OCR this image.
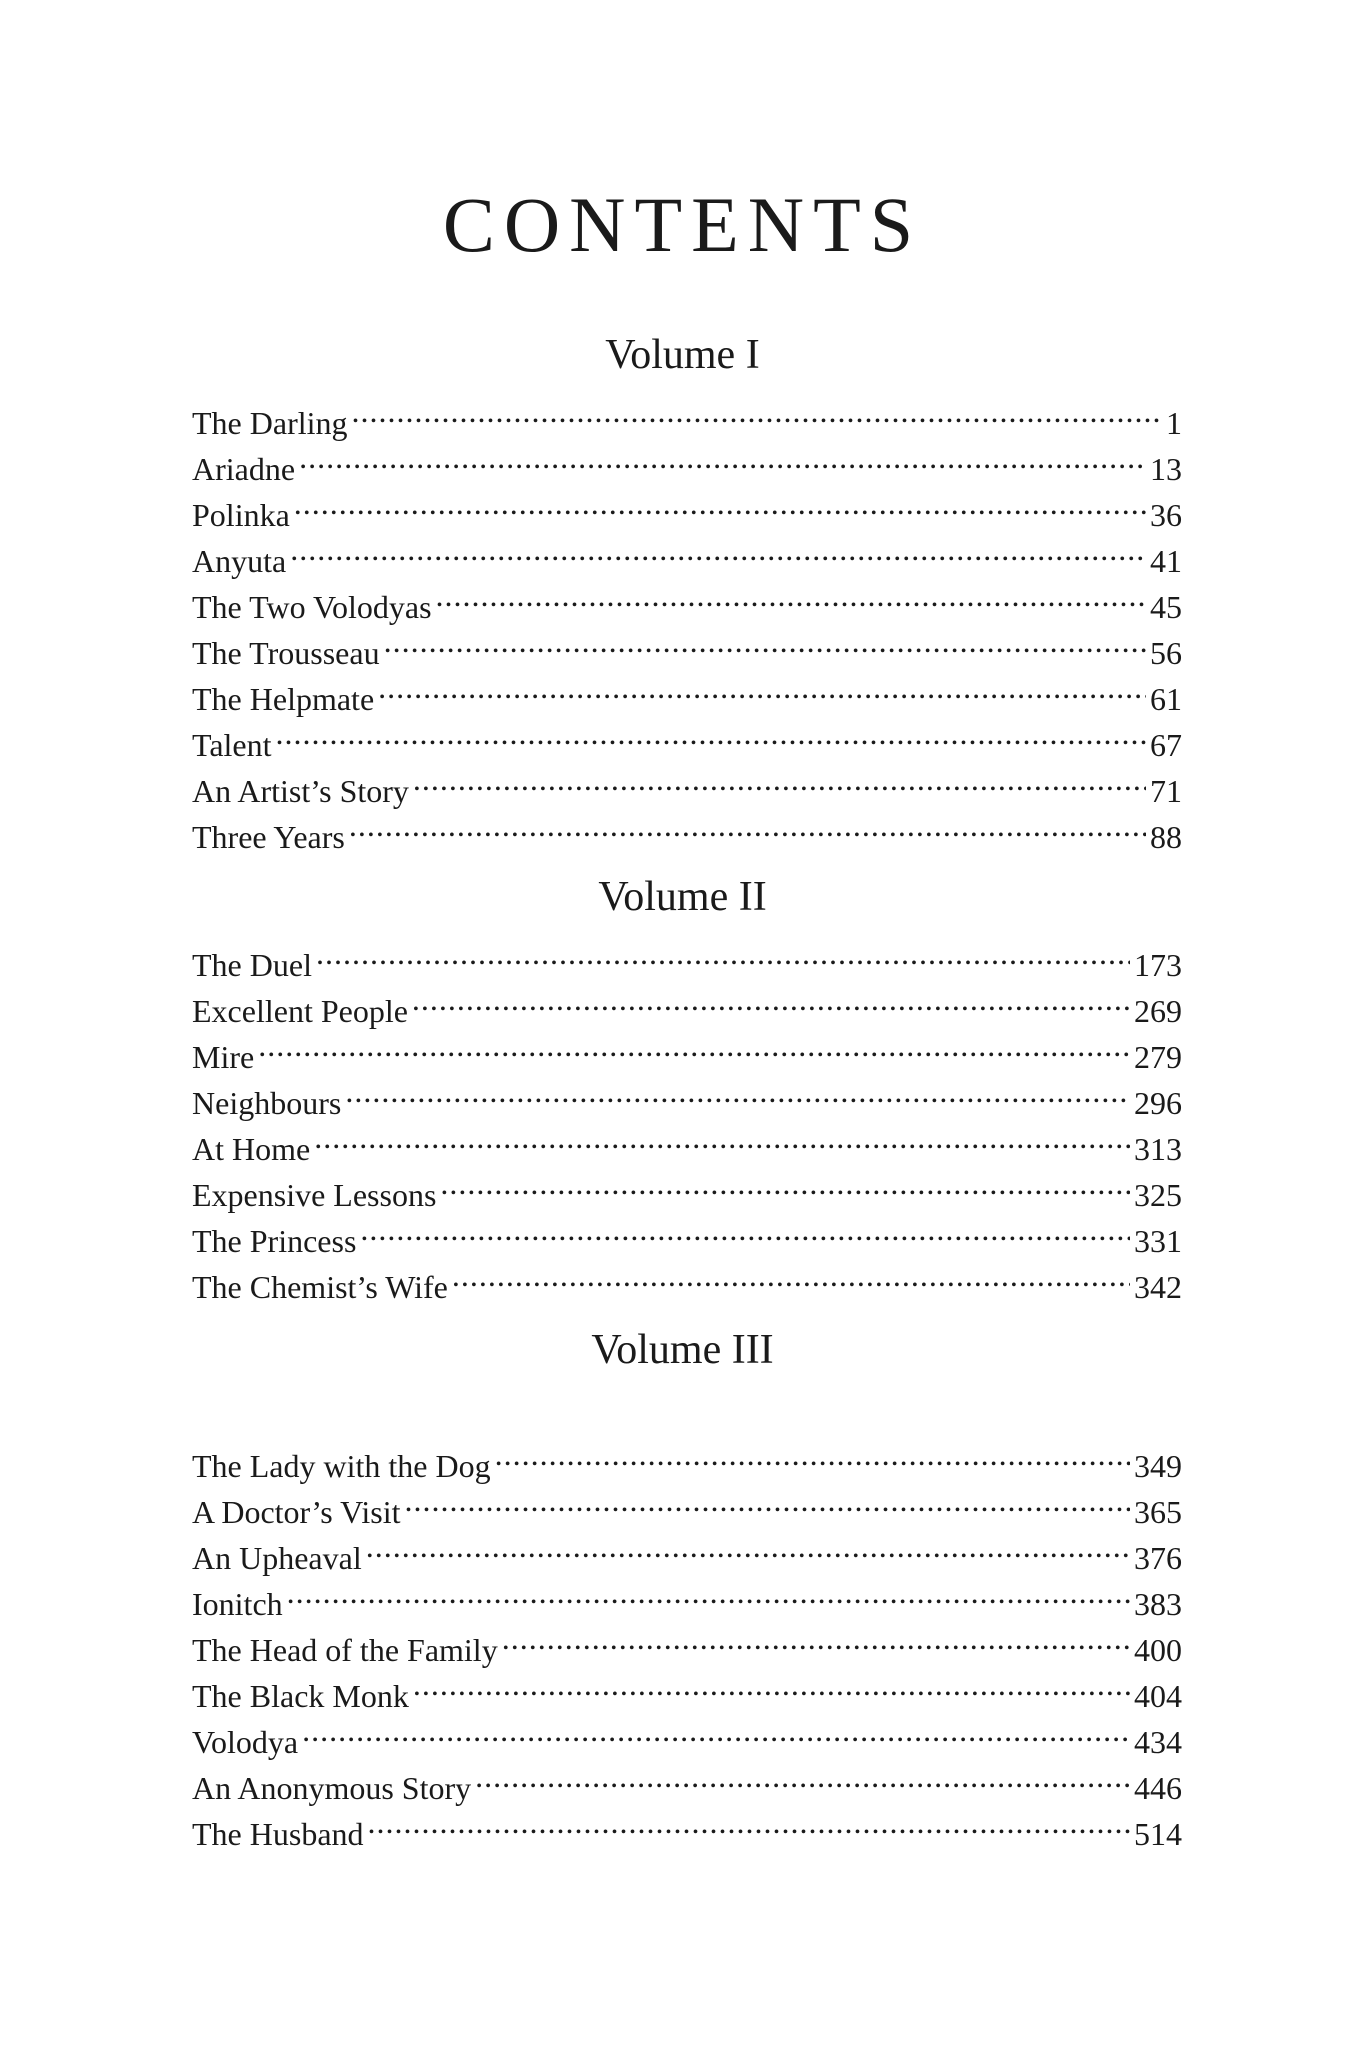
CONTENTS
Volume I
The Darling .....	1
Ariadne .....	13
Polinka .....	36
Anyuta .....	41
The Two Volodyas .....	45
The Trousseau .....	56
The Helpmate .....	61
Talent .....	67
An Artist’s Story .....	71
Three Years .....	88
Volume II
The Duel .....	173
Excellent People .....	269
Mire .....	279
Neighbours .....	296
At Home .....	313
Expensive Lessons .....	325
The Princess .....	331
The Chemist’s Wife .....	342
Volume III
The Lady with the Dog .....	349
A Doctor’s Visit .....	365
An Upheaval .....	376
Ionitch .....	383
The Head of the Family .....	400
The Black Monk .....	404
Volodya .....	434
An Anonymous Story .....	446
The Husband .....	514
